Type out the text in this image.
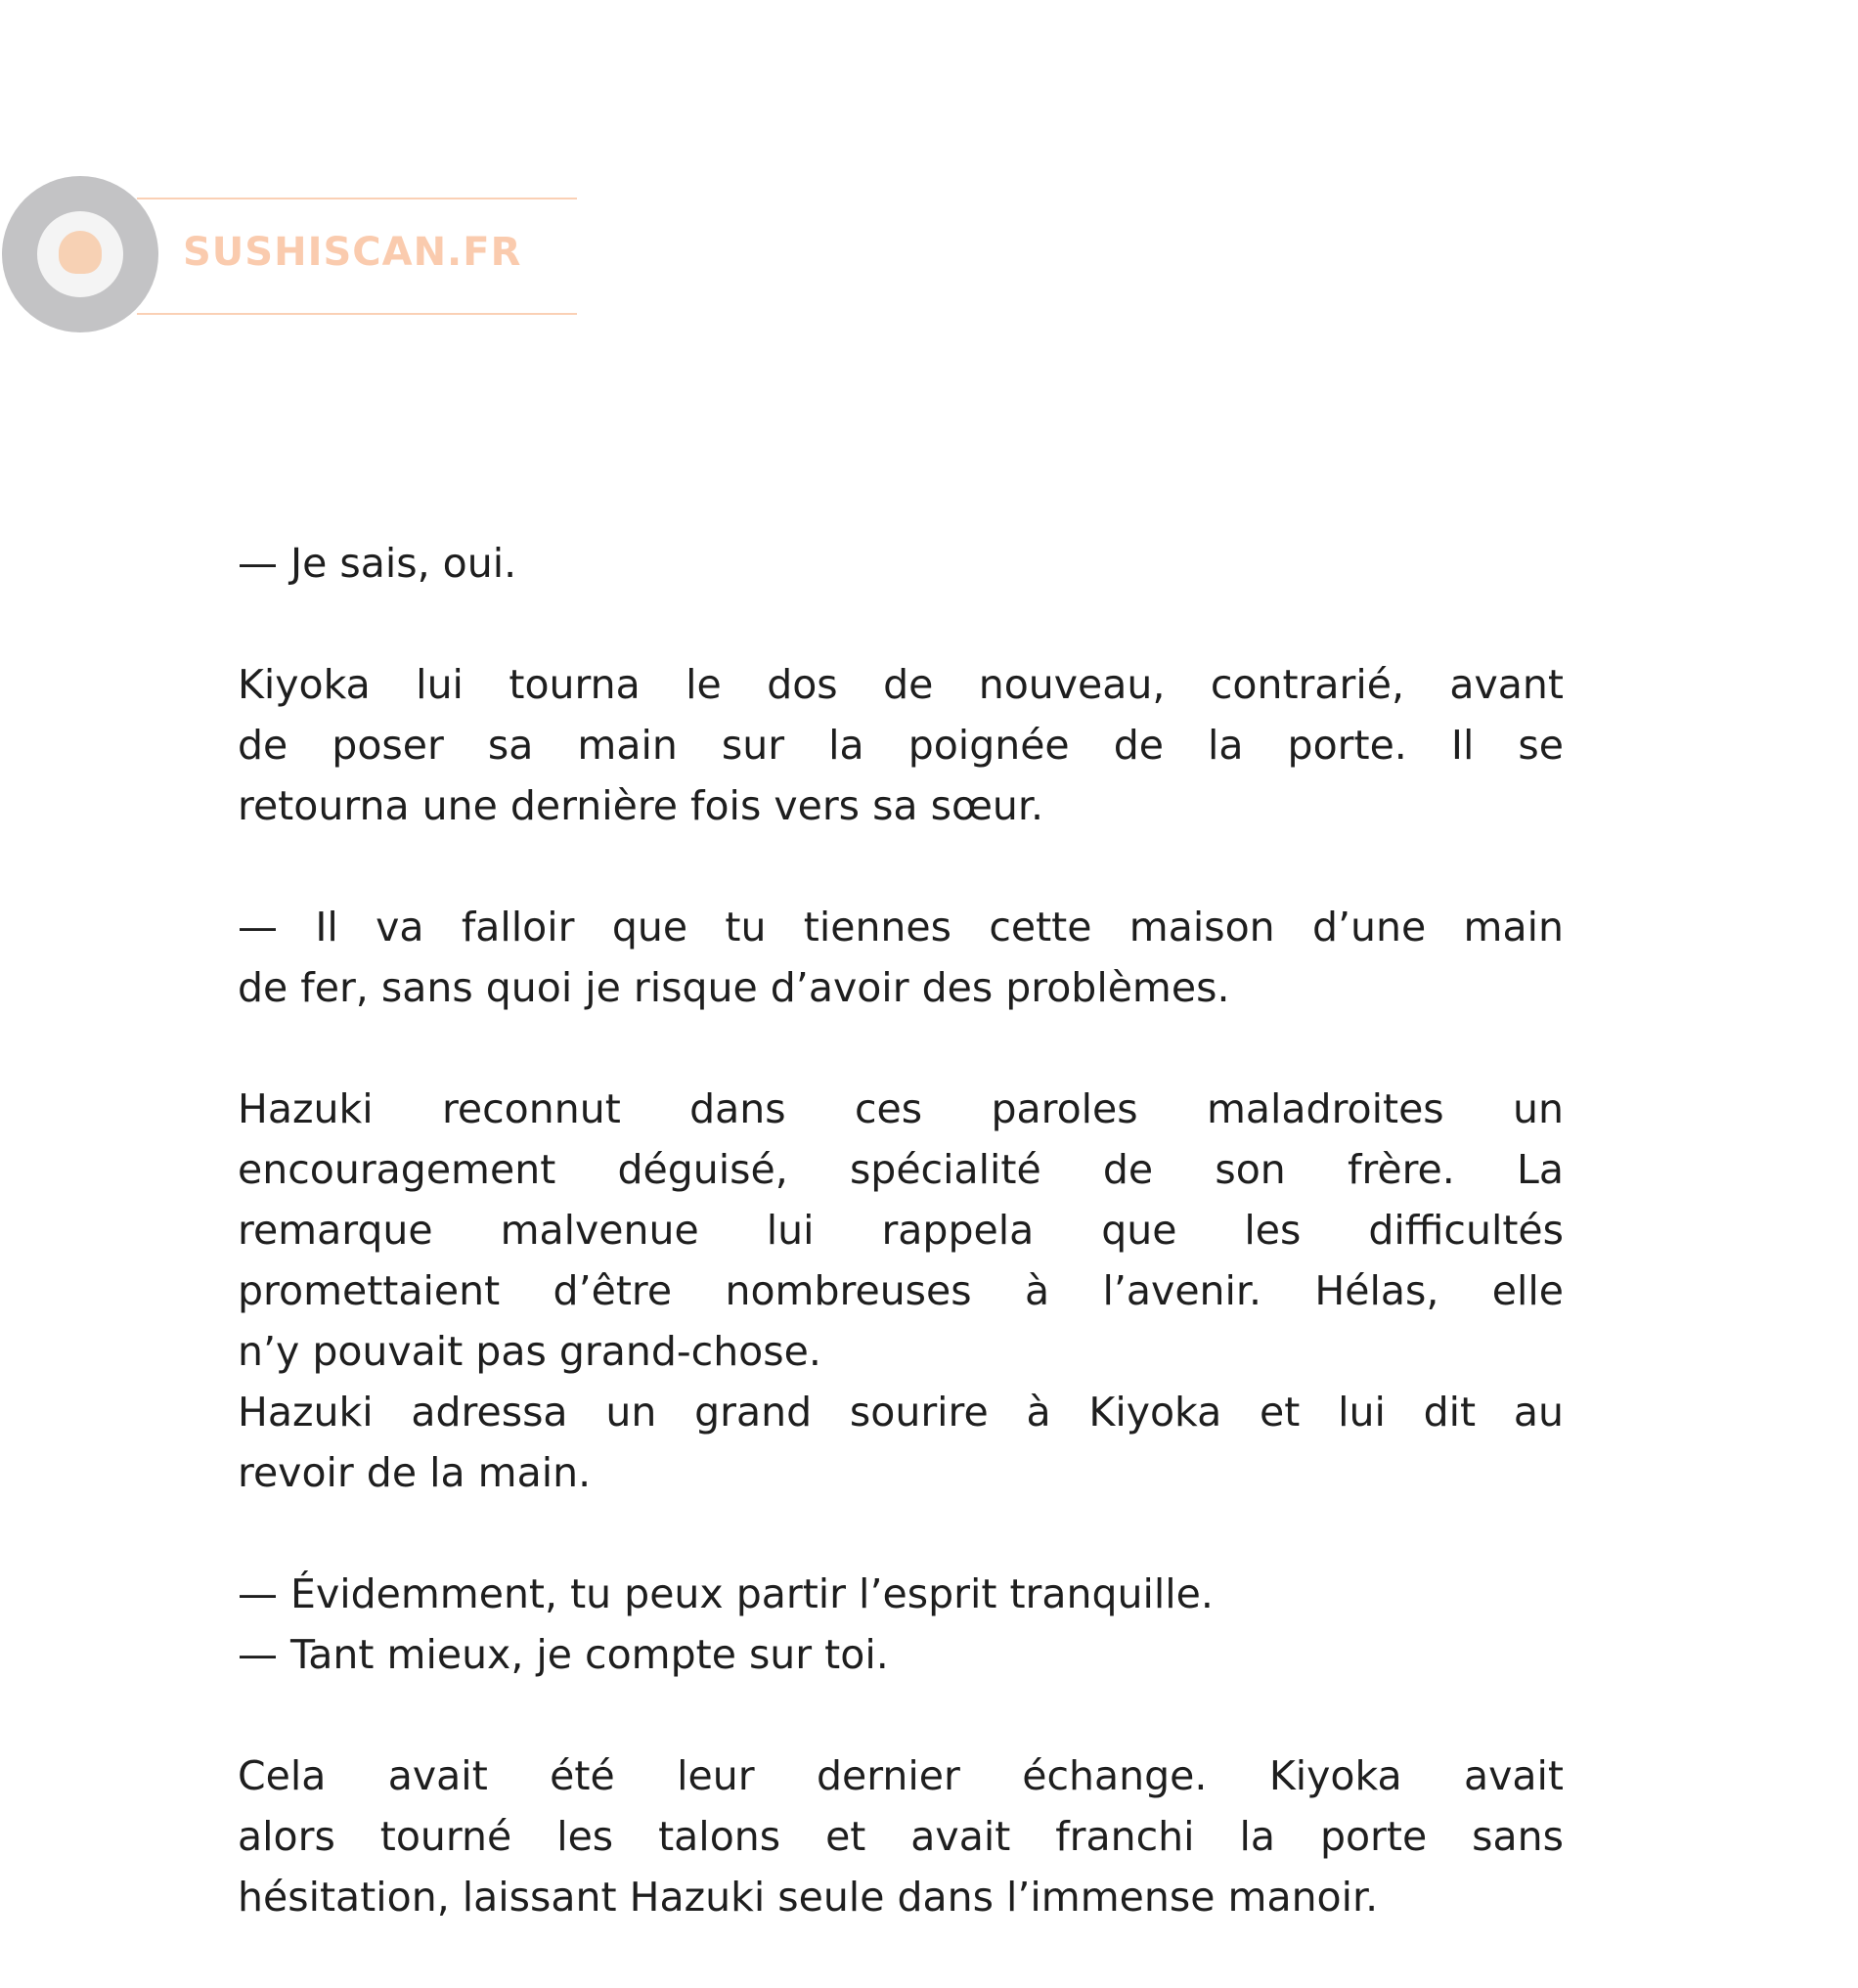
— Je sais, oui.
Kiyoka lui tourna le dos de nouveau, contrarié, avant
de poser sa main sur la poignée de la porte. Il se
retourna une dernière fois vers sa sœur.
— Il va falloir que tu tiennes cette maison d’une main
de fer, sans quoi je risque d’avoir des problèmes.
Hazuki reconnut dans ces paroles maladroites un
encouragement déguisé, spécialité de son frère. La
remarque malvenue lui rappela que les difficultés
promettaient d’être nombreuses à l’avenir. Hélas, elle
n’y pouvait pas grand-chose.
Hazuki adressa un grand sourire à Kiyoka et lui dit au
revoir de la main.
— Évidemment, tu peux partir l’esprit tranquille.
— Tant mieux, je compte sur toi.
Cela avait été leur dernier échange. Kiyoka avait
alors tourné les talons et avait franchi la porte sans
hésitation, laissant Hazuki seule dans l’immense manoir.
SUSHISCAN.FR
